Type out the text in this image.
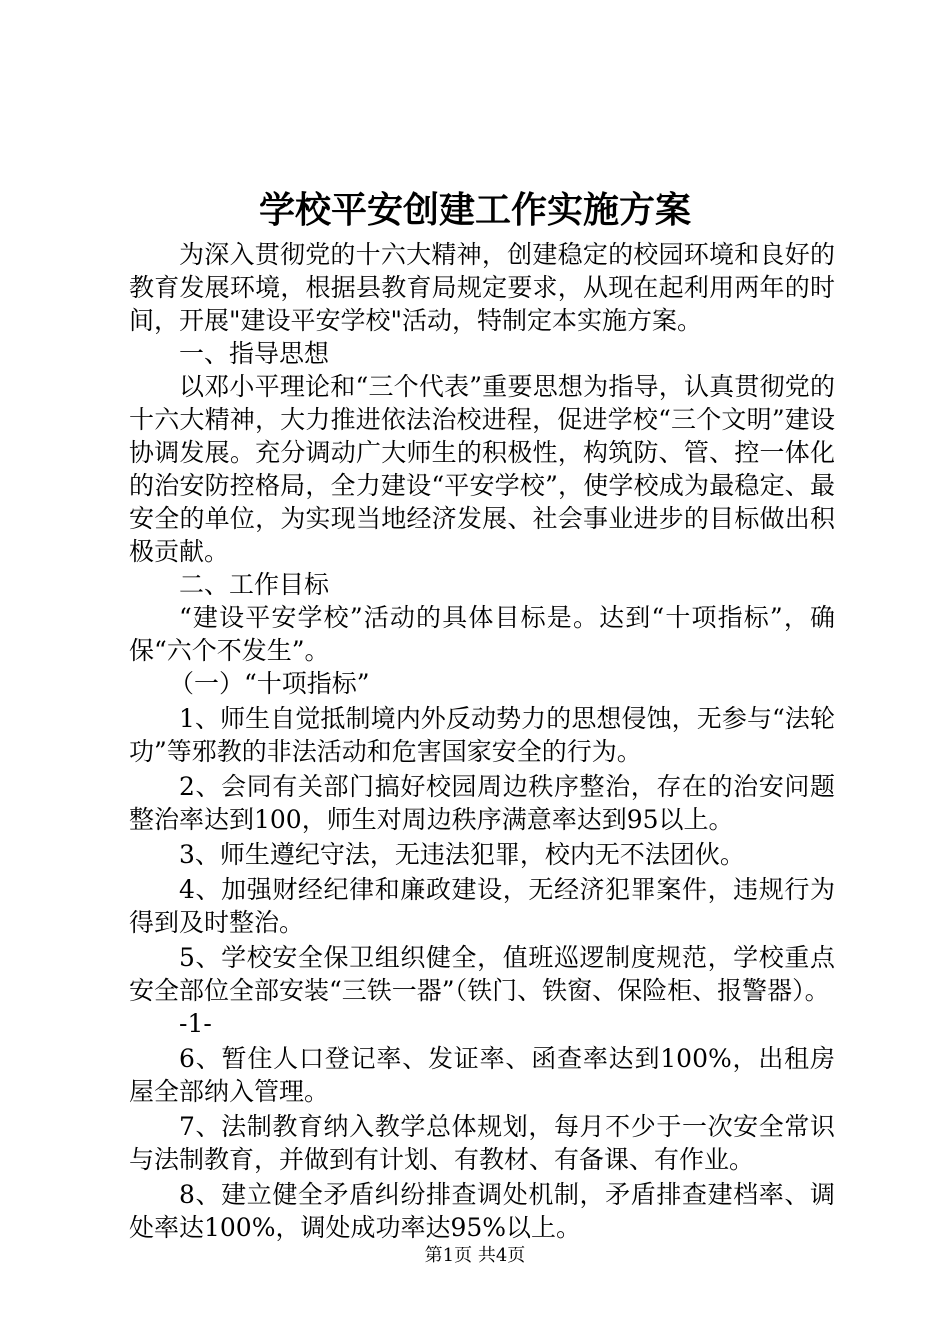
学校平安创建工作实施方案

为深入贯彻党的十六大精神，创建稳定的校园环境和良好的教育发展环境，根据县教育局规定要求，从现在起利用两年的时间，开展"建设平安学校"活动，特制定本实施方案。

一、指导思想

以邓小平理论和“三个代表”重要思想为指导，认真贯彻党的十六大精神，大力推进依法治校进程，促进学校“三个文明”建设协调发展。充分调动广大师生的积极性，构筑防、管、控一体化的治安防控格局，全力建设“平安学校”，使学校成为最稳定、最安全的单位，为实现当地经济发展、社会事业进步的目标做出积极贡献。

二、工作目标

“建设平安学校”活动的具体目标是。达到“十项指标”，确保“六个不发生”。

（一）“十项指标”

1、师生自觉抵制境内外反动势力的思想侵蚀，无参与“法轮功”等邪教的非法活动和危害国家安全的行为。

2、会同有关部门搞好校园周边秩序整治，存在的治安问题整治率达到100，师生对周边秩序满意率达到95以上。

3、师生遵纪守法，无违法犯罪，校内无不法团伙。

4、加强财经纪律和廉政建设，无经济犯罪案件，违规行为得到及时整治。

5、学校安全保卫组织健全，值班巡逻制度规范，学校重点安全部位全部安装“三铁一器”（铁门、铁窗、保险柜、报警器）。

-1-

6、暂住人口登记率、发证率、函查率达到100%，出租房屋全部纳入管理。

7、法制教育纳入教学总体规划，每月不少于一次安全常识与法制教育，并做到有计划、有教材、有备课、有作业。

8、建立健全矛盾纠纷排查调处机制，矛盾排查建档率、调处率达100%，调处成功率达95%以上。

第1页 共4页
